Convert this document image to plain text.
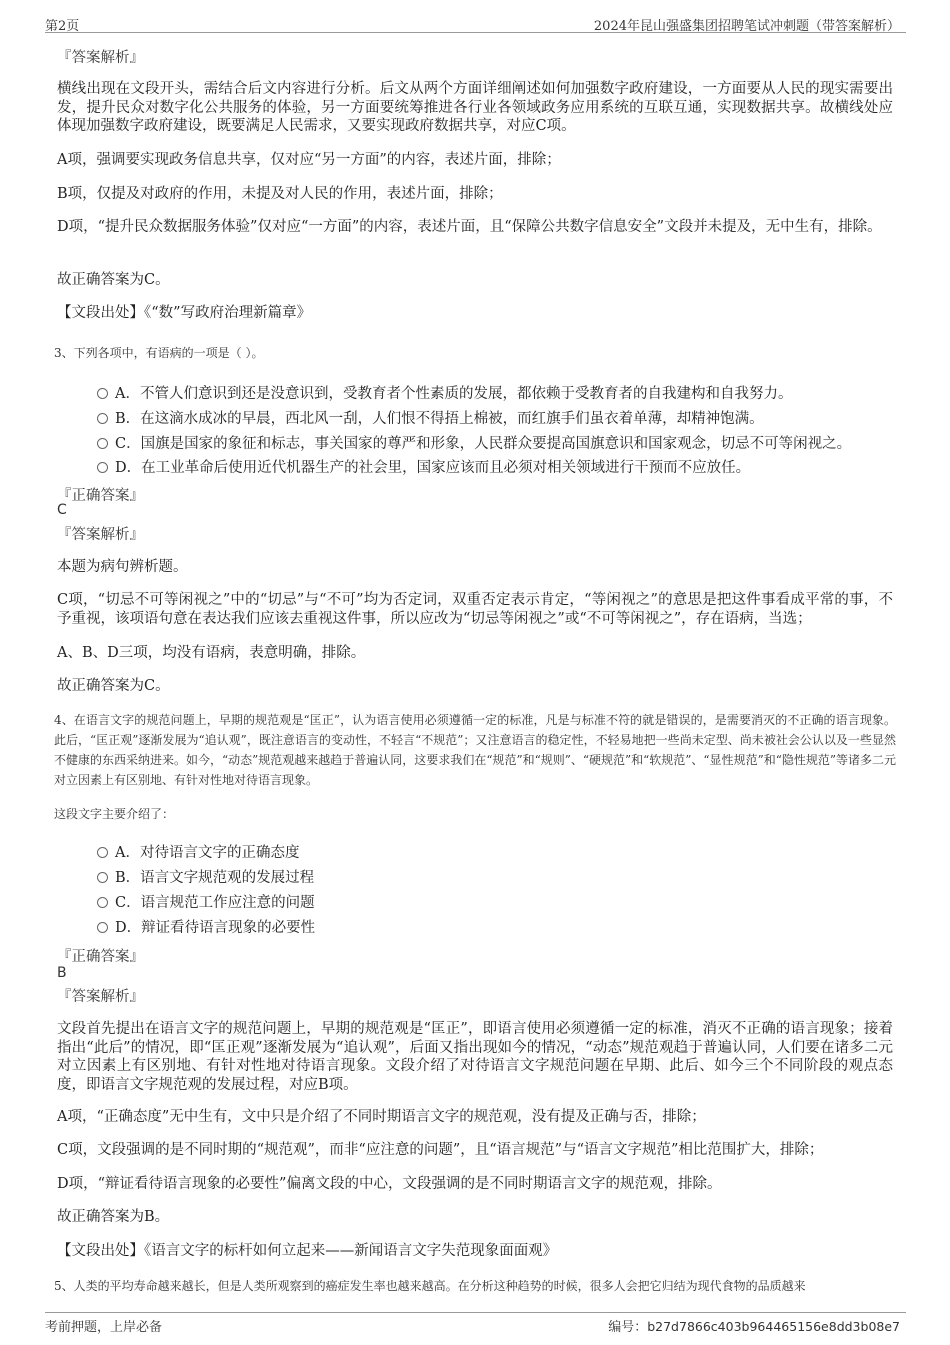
第2页	2024年昆山强盛集团招聘笔试冲刺题（带答案解析）
『答案解析』
横线出现在文段开头，需结合后文内容进行分析。后文从两个方面详细阐述如何加强数字政府建设，一方面要从人民的现实需要出发，提升民众对数字化公共服务的体验，另一方面要统筹推进各行业各领域政务应用系统的互联互通，实现数据共享。故横线处应体现加强数字政府建设，既要满足人民需求，又要实现政府数据共享，对应C项。
A项，强调要实现政务信息共享，仅对应“另一方面”的内容，表述片面，排除；
B项，仅提及对政府的作用，未提及对人民的作用，表述片面，排除；
D项，“提升民众数据服务体验”仅对应“一方面”的内容，表述片面，且“保障公共数字信息安全”文段并未提及，无中生有，排除。
故正确答案为C。
【文段出处】《“数”写政府治理新篇章》
3、下列各项中，有语病的一项是（ ）。
A．不管人们意识到还是没意识到，受教育者个性素质的发展，都依赖于受教育者的自我建构和自我努力。
B．在这滴水成冰的早晨，西北风一刮，人们恨不得捂上棉被，而红旗手们虽衣着单薄，却精神饱满。
C．国旗是国家的象征和标志，事关国家的尊严和形象，人民群众要提高国旗意识和国家观念，切忌不可等闲视之。
D．在工业革命后使用近代机器生产的社会里，国家应该而且必须对相关领域进行干预而不应放任。
『正确答案』
C
『答案解析』
本题为病句辨析题。
C项，“切忌不可等闲视之”中的“切忌”与“不可”均为否定词，双重否定表示肯定，“等闲视之”的意思是把这件事看成平常的事，不予重视，该项语句意在表达我们应该去重视这件事，所以应改为“切忌等闲视之”或“不可等闲视之”，存在语病，当选；
A、B、D三项，均没有语病，表意明确，排除。
故正确答案为C。
4、在语言文字的规范问题上，早期的规范观是“匡正”，认为语言使用必须遵循一定的标准，凡是与标准不符的就是错误的，是需要消灭的不正确的语言现象。此后，“匡正观”逐渐发展为“追认观”，既注意语言的变动性，不轻言“不规范”；又注意语言的稳定性，不轻易地把一些尚未定型、尚未被社会公认以及一些显然不健康的东西采纳进来。如今，“动态”规范观越来越趋于普遍认同，这要求我们在“规范”和“规则”、“硬规范”和“软规范”、“显性规范”和“隐性规范”等诸多二元对立因素上有区别地、有针对性地对待语言现象。
这段文字主要介绍了：
A．对待语言文字的正确态度
B．语言文字规范观的发展过程
C．语言规范工作应注意的问题
D．辩证看待语言现象的必要性
『正确答案』
B
『答案解析』
文段首先提出在语言文字的规范问题上，早期的规范观是“匡正”，即语言使用必须遵循一定的标准，消灭不正确的语言现象；接着指出“此后”的情况，即“匡正观”逐渐发展为“追认观”，后面又指出现如今的情况，“动态”规范观趋于普遍认同，人们要在诸多二元对立因素上有区别地、有针对性地对待语言现象。文段介绍了对待语言文字规范问题在早期、此后、如今三个不同阶段的观点态度，即语言文字规范观的发展过程，对应B项。
A项，“正确态度”无中生有，文中只是介绍了不同时期语言文字的规范观，没有提及正确与否，排除；
C项，文段强调的是不同时期的“规范观”，而非“应注意的问题”，且“语言规范”与“语言文字规范”相比范围扩大，排除；
D项，“辩证看待语言现象的必要性”偏离文段的中心，文段强调的是不同时期语言文字的规范观，排除。
故正确答案为B。
【文段出处】《语言文字的标杆如何立起来——新闻语言文字失范现象面面观》
5、人类的平均寿命越来越长，但是人类所观察到的癌症发生率也越来越高。在分析这种趋势的时候，很多人会把它归结为现代食物的品质越来
考前押题，上岸必备	编号：b27d7866c403b964465156e8dd3b08e7
